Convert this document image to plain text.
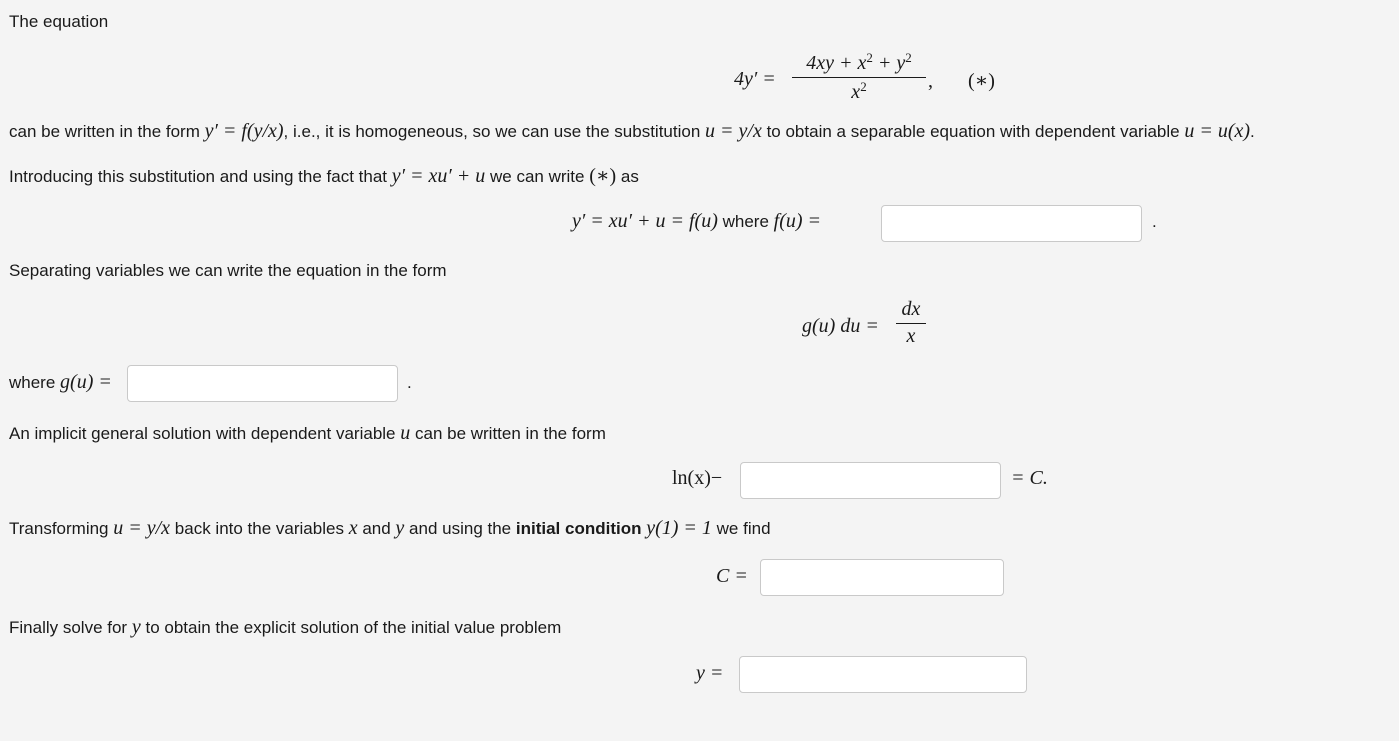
The equation
4y′ =
$4xy + x^2 + y^2$
$x^2$	, (∗)
can be written in the form y′ = f(y/x), i.e., it is homogeneous, so we can use the substitution u = y/x to obtain a separable equation with dependent variable u = u(x).
Introducing this substitution and using the fact that y′ = xu′ + u we can write (∗) as
y′ = xu′ + u = f(u) where f(u) =	.
Separating variables we can write the equation in the form
g(u) du =
dx
x
where g(u) =	.
An implicit general solution with dependent variable u can be written in the form
ln(x)−	= C.
Transforming u = y/x back into the variables x and y and using the initial condition y(1) = 1 we find
C =
Finally solve for y to obtain the explicit solution of the initial value problem
y =
